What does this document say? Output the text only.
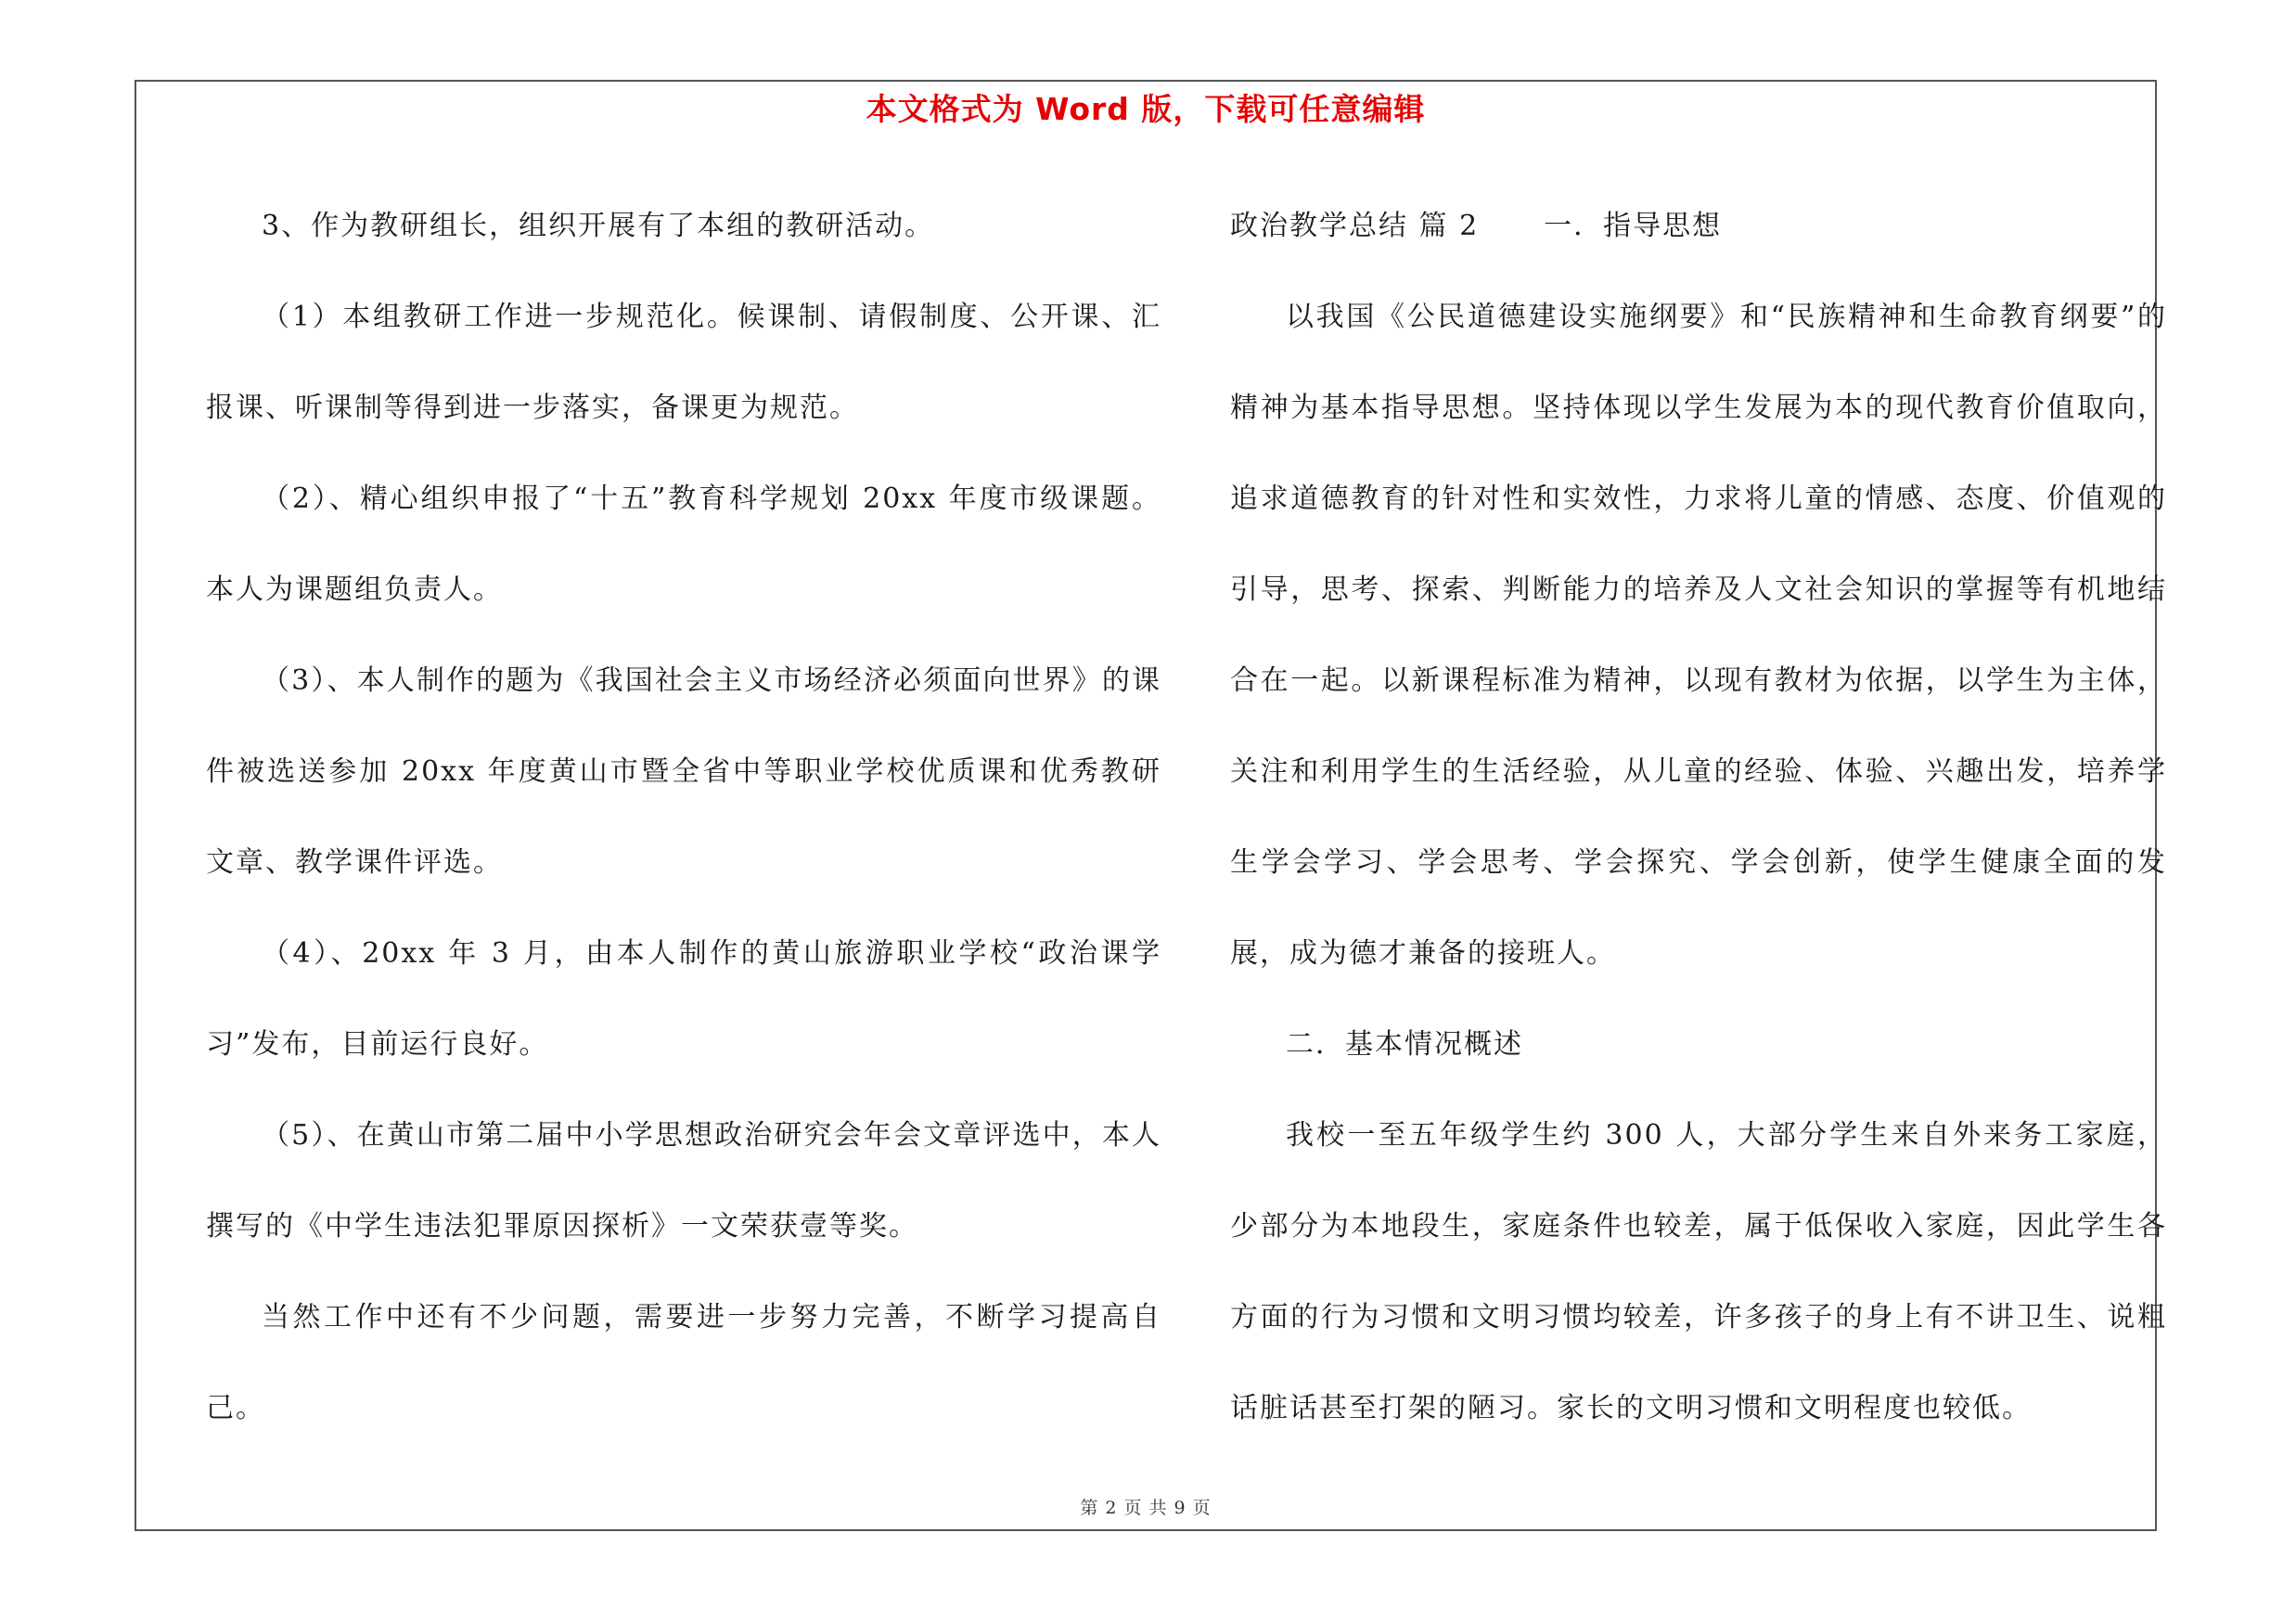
本文格式为 Word 版，下载可任意编辑

3、作为教研组长，组织开展有了本组的教研活动。

（1）本组教研工作进一步规范化。候课制、请假制度、公开课、汇报课、听课制等得到进一步落实，备课更为规范。

（2）、精心组织申报了“十五”教育科学规划 20xx 年度市级课题。本人为课题组负责人。

（3）、本人制作的题为《我国社会主义市场经济必须面向世界》的课件被选送参加 20xx 年度黄山市暨全省中等职业学校优质课和优秀教研文章、教学课件评选。

（4）、20xx 年 3 月，由本人制作的黄山旅游职业学校“政治课学习”发布，目前运行良好。

（5）、在黄山市第二届中小学思想政治研究会年会文章评选中，本人撰写的《中学生违法犯罪原因探析》一文荣获壹等奖。

当然工作中还有不少问题，需要进一步努力完善，不断学习提高自己。

政治教学总结 篇 2 一．指导思想

以我国《公民道德建设实施纲要》和“民族精神和生命教育纲要”的精神为基本指导思想。坚持体现以学生发展为本的现代教育价值取向，追求道德教育的针对性和实效性，力求将儿童的情感、态度、价值观的引导，思考、探索、判断能力的培养及人文社会知识的掌握等有机地结合在一起。以新课程标准为精神，以现有教材为依据，以学生为主体，关注和利用学生的生活经验，从儿童的经验、体验、兴趣出发，培养学生学会学习、学会思考、学会探究、学会创新，使学生健康全面的发展，成为德才兼备的接班人。

二．基本情况概述

我校一至五年级学生约 300 人，大部分学生来自外来务工家庭，少部分为本地段生，家庭条件也较差，属于低保收入家庭，因此学生各方面的行为习惯和文明习惯均较差，许多孩子的身上有不讲卫生、说粗话脏话甚至打架的陋习。家长的文明习惯和文明程度也较低。

第 2 页 共 9 页
